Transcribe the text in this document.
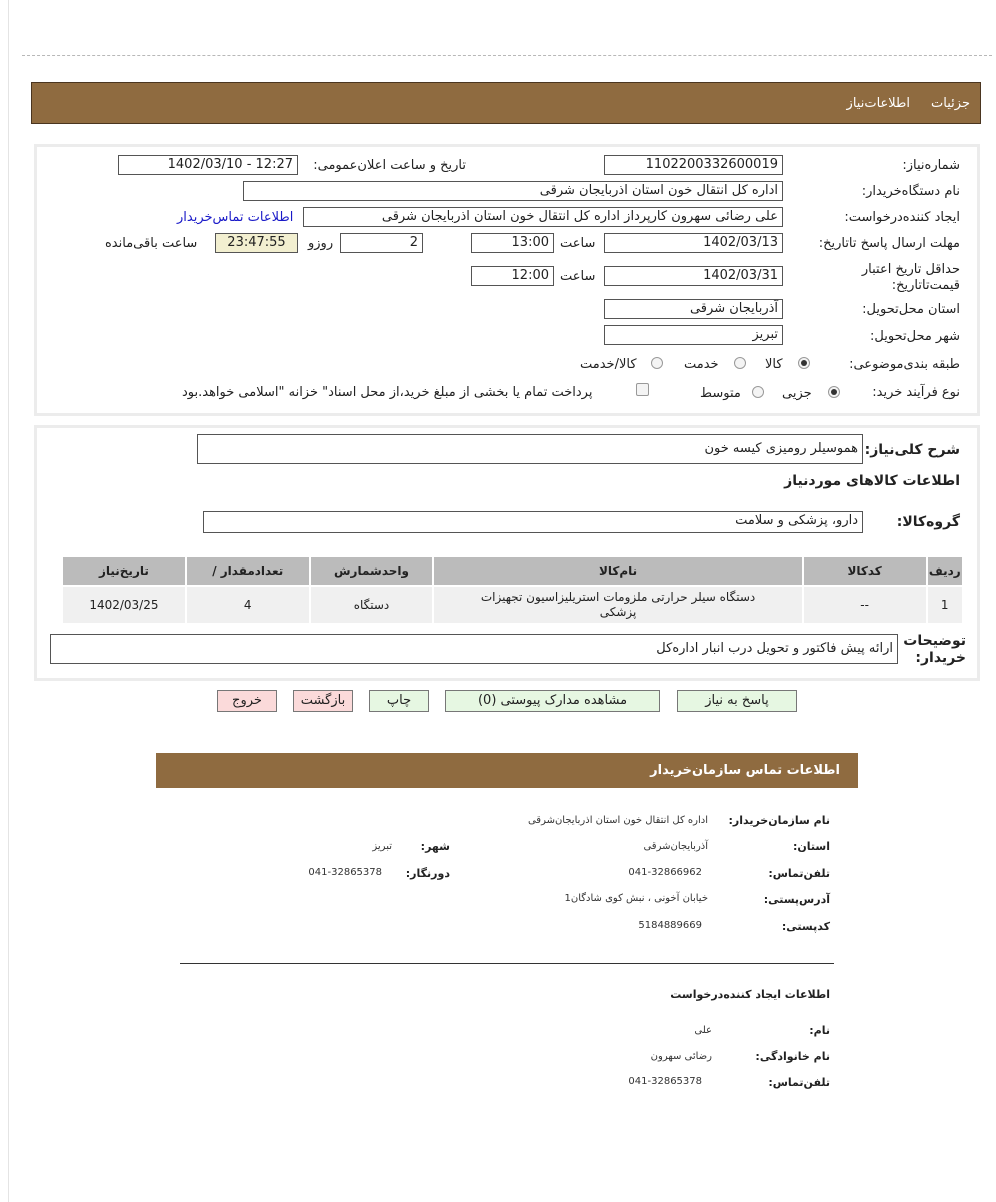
جزئیات
اطلاعات‌نیاز
شماره‌نیاز:
1102200332600019
تاریخ و ساعت اعلان‌عمومی:
1402/03/10 - 12:27
نام دستگاه‌خریدار:
اداره کل انتقال خون استان اذربایجان شرقی
ایجاد کننده‌درخواست:
علی رضائی سهرون کارپرداز اداره کل انتقال خون استان اذربایجان شرقی
اطلاعات تماس‌خریدار
مهلت ارسال پاسخ تا‌تاریخ:
1402/03/13
ساعت
13:00
2
روزو
23:47:55
ساعت باقی‌مانده
حداقل تاریخ اعتبار قیمت‌تا‌تاریخ:
1402/03/31
ساعت
12:00
استان محل‌تحویل:
آذربایجان شرقی
شهر محل‌تحویل:
تبریز
طبقه بندی‌موضوعی:
کالا
خدمت
کالا/خدمت
نوع فرآیند خرید:
جزیی
متوسط
پرداخت تمام یا بخشی از مبلغ خرید،از محل اسناد" خزانه "اسلامی خواهد.بود
شرح کلی‌نیاز:
هموسیلر رومیزی کیسه خون
اطلاعات کالاهای موردنیاز
گروه‌کالا:
دارو، پزشکی و سلامت
ردیف	کدکالا	نام‌کالا	واحدشمارش	تعدادمقدار /	تاریخ‌نیاز
1	--	دستگاه سیلر حرارتی ملزومات استریلیزاسیون تجهیزات پزشکی	دستگاه	4	1402/03/25
توضیحات خریدار:
ارائه پیش فاکتور و تحویل درب انبار اداره‌کل
پاسخ به نیاز
مشاهده مدارک پیوستی (0)
چاپ
بازگشت
خروج
اطلاعات تماس سازمان‌خریدار
نام سازمان‌خریدار:
اداره کل انتقال خون استان اذربایجان‌شرقی
استان:
آذربایجان‌شرقی
شهر:
تبریز
تلفن‌تماس:
041-32866962
دورنگار:
041-32865378
آدرس‌پستی:
خیابان آخونی ، نبش کوی شادگان1
کدپستی:
5184889669
اطلاعات ایجاد کننده‌درخواست
نام:
علی
نام خانوادگی:
رضائی سهرون
تلفن‌تماس:
041-32865378
